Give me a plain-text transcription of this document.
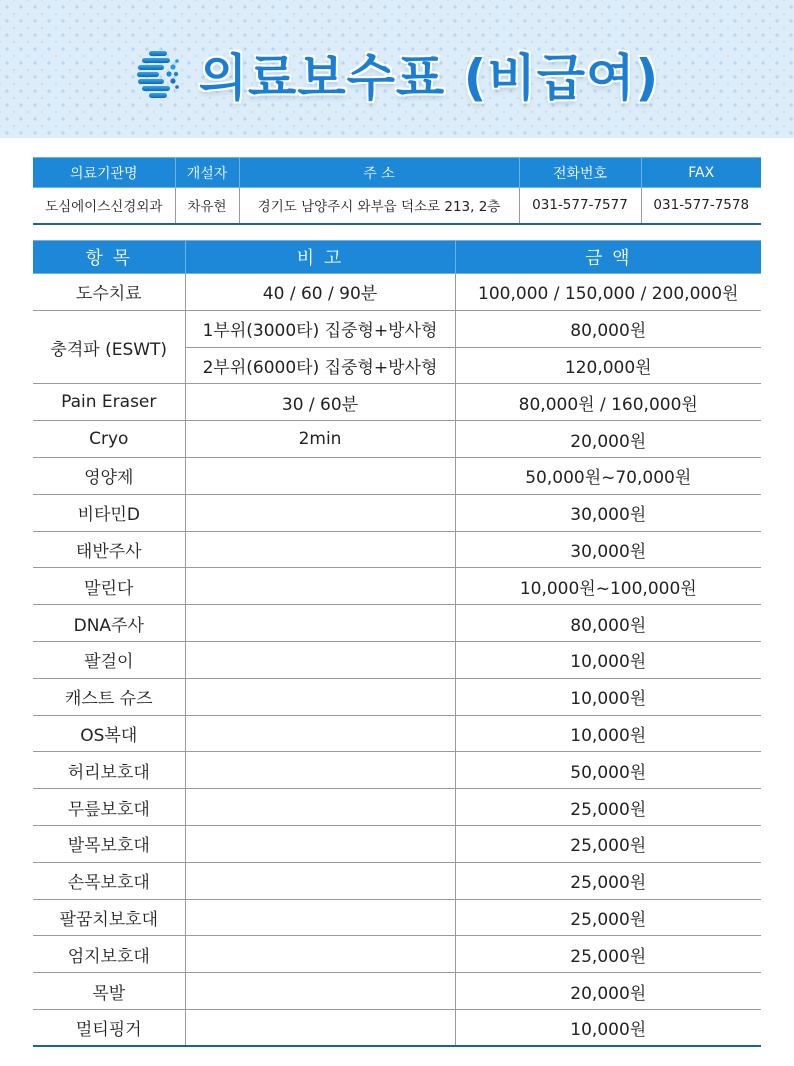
의료보수표 (비급여)
의료기관명	개설자	주 소	전화번호	FAX
도심에이스신경외과	차유현	경기도 남양주시 와부읍 덕소로 213, 2층	031-577-7577	031-577-7578
항 목	비 고	금 액
도수치료	40 / 60 / 90분	100,000 / 150,000 / 200,000원
충격파 (ESWT)	1부위(3000타) 집중형+방사형	80,000원
	2부위(6000타) 집중형+방사형	120,000원
Pain Eraser	30 / 60분	80,000원 / 160,000원
Cryo	2min	20,000원
영양제		50,000원~70,000원
비타민D		30,000원
태반주사		30,000원
말린다		10,000원~100,000원
DNA주사		80,000원
팔걸이		10,000원
캐스트 슈즈		10,000원
OS복대		10,000원
허리보호대		50,000원
무릎보호대		25,000원
발목보호대		25,000원
손목보호대		25,000원
팔꿈치보호대		25,000원
엄지보호대		25,000원
목발		20,000원
멀티핑거		10,000원
